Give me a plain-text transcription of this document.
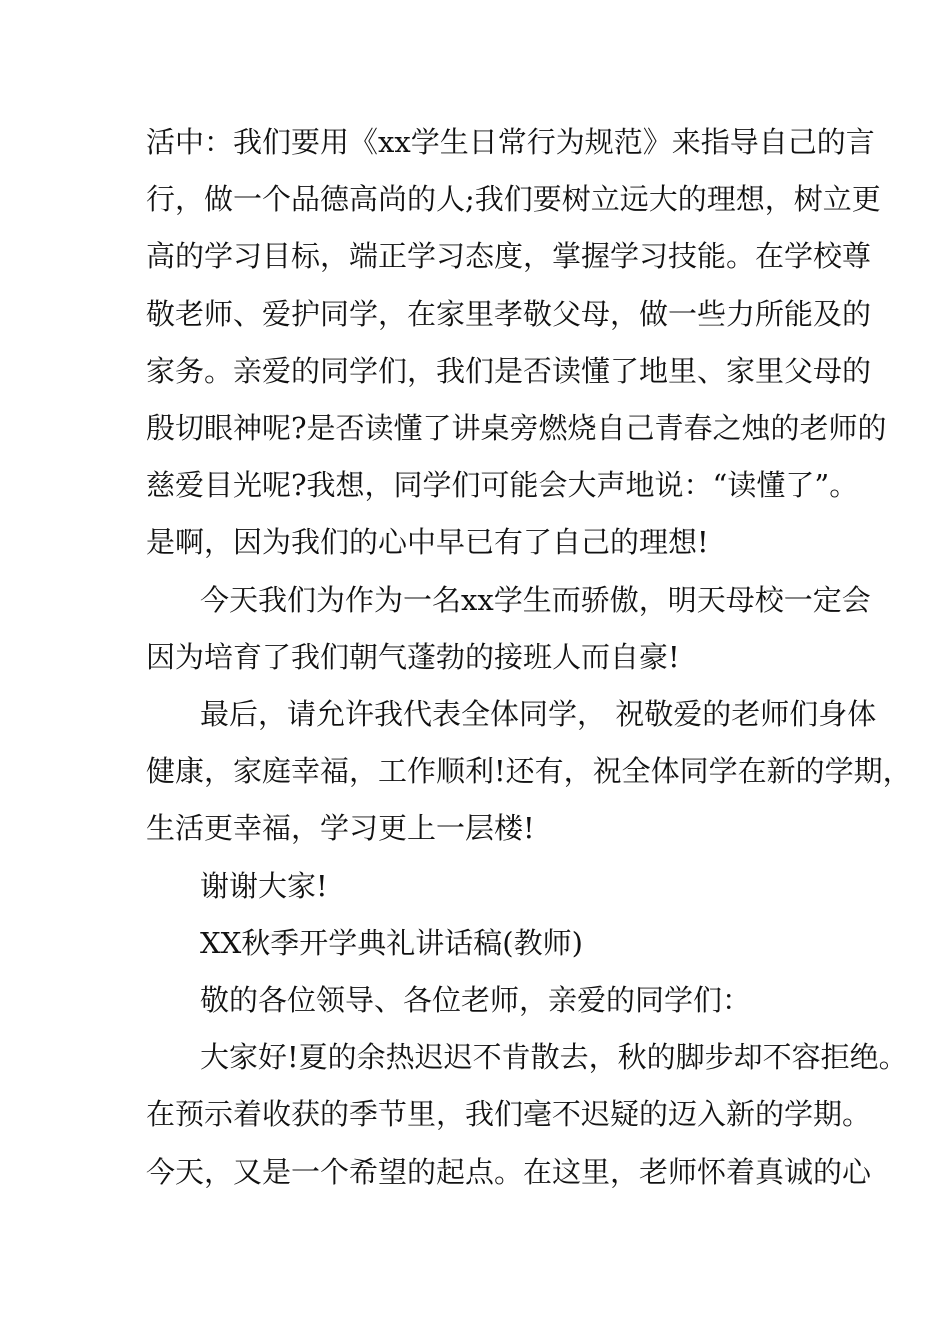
活中：我们要用《xx学生日常行为规范》来指导自己的言
行，做一个品德高尚的人;我们要树立远大的理想，树立更
高的学习目标，端正学习态度，掌握学习技能。在学校尊
敬老师、爱护同学，在家里孝敬父母，做一些力所能及的
家务。亲爱的同学们，我们是否读懂了地里、家里父母的
殷切眼神呢?是否读懂了讲桌旁燃烧自己青春之烛的老师的
慈爱目光呢?我想，同学们可能会大声地说：“读懂了”。
是啊，因为我们的心中早已有了自己的理想!
今天我们为作为一名xx学生而骄傲，明天母校一定会
因为培育了我们朝气蓬勃的接班人而自豪!
最后，请允许我代表全体同学， 祝敬爱的老师们身体
健康，家庭幸福，工作顺利!还有，祝全体同学在新的学期，
生活更幸福，学习更上一层楼!
谢谢大家!
XX秋季开学典礼讲话稿(教师)
敬的各位领导、各位老师，亲爱的同学们：
大家好!夏的余热迟迟不肯散去，秋的脚步却不容拒绝。
在预示着收获的季节里，我们毫不迟疑的迈入新的学期。
今天，又是一个希望的起点。在这里，老师怀着真诚的心
